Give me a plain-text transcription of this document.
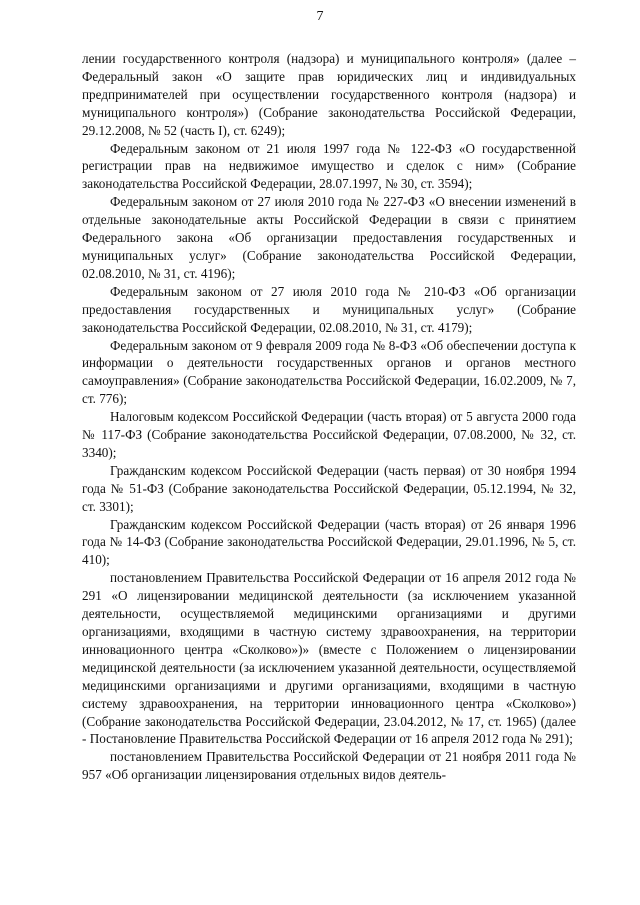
7

лении государственного контроля (надзора) и муниципального контроля» (далее – Федеральный закон «О защите прав юридических лиц и индивидуальных предпринимателей при осуществлении государственного контроля (надзора) и муниципального контроля») (Собрание законодательства Российской Федерации, 29.12.2008, № 52 (часть I), ст. 6249);

Федеральным законом от 21 июля 1997 года № 122-ФЗ «О государственной регистрации прав на недвижимое имущество и сделок с ним» (Собрание законодательства Российской Федерации, 28.07.1997, № 30, ст. 3594);

Федеральным законом от 27 июля 2010 года № 227-ФЗ «О внесении изменений в отдельные законодательные акты Российской Федерации в связи с принятием Федерального закона «Об организации предоставления государственных и муниципальных услуг» (Собрание законодательства Российской Федерации, 02.08.2010, № 31, ст. 4196);

Федеральным законом от 27 июля 2010 года № 210-ФЗ «Об организации предоставления государственных и муниципальных услуг» (Собрание законодательства Российской Федерации, 02.08.2010, № 31, ст. 4179);

Федеральным законом от 9 февраля 2009 года № 8-ФЗ «Об обеспечении доступа к информации о деятельности государственных органов и органов местного самоуправления» (Собрание законодательства Российской Федерации, 16.02.2009, № 7, ст. 776);

Налоговым кодексом Российской Федерации (часть вторая) от 5 августа 2000 года № 117-ФЗ (Собрание законодательства Российской Федерации, 07.08.2000, № 32, ст. 3340);

Гражданским кодексом Российской Федерации (часть первая) от 30 ноября 1994 года № 51-ФЗ (Собрание законодательства Российской Федерации, 05.12.1994, № 32, ст. 3301);

Гражданским кодексом Российской Федерации (часть вторая) от 26 января 1996 года № 14-ФЗ (Собрание законодательства Российской Федерации, 29.01.1996, № 5, ст. 410);

постановлением Правительства Российской Федерации от 16 апреля 2012 года № 291 «О лицензировании медицинской деятельности (за исключением указанной деятельности, осуществляемой медицинскими организациями и другими организациями, входящими в частную систему здравоохранения, на территории инновационного центра «Сколково»)» (вместе с Положением о лицензировании медицинской деятельности (за исключением указанной деятельности, осуществляемой медицинскими организациями и другими организациями, входящими в частную систему здравоохранения, на территории инновационного центра «Сколково») (Собрание законодательства Российской Федерации, 23.04.2012, № 17, ст. 1965) (далее - Постановление Правительства Российской Федерации от 16 апреля 2012 года № 291);

постановлением Правительства Российской Федерации от 21 ноября 2011 года № 957 «Об организации лицензирования отдельных видов деятель-
